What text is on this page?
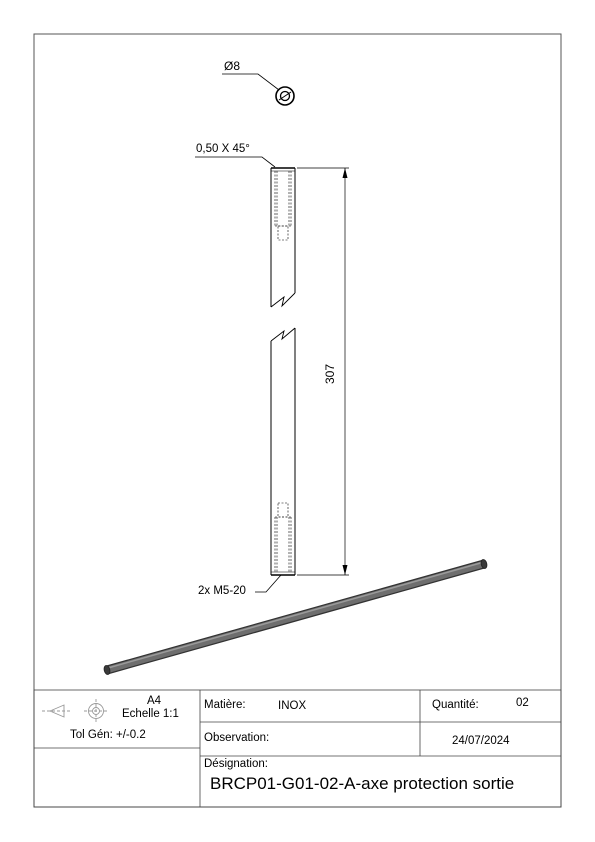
Ø8
0,50 X 45°
307
2x M5-20
A4
Echelle 1:1
Tol Gén: +/-0.2
Matière:	INOX	Quantité:	02
Observation:	24/07/2024
Désignation:
BRCP01-G01-02-A-axe protection sortie
